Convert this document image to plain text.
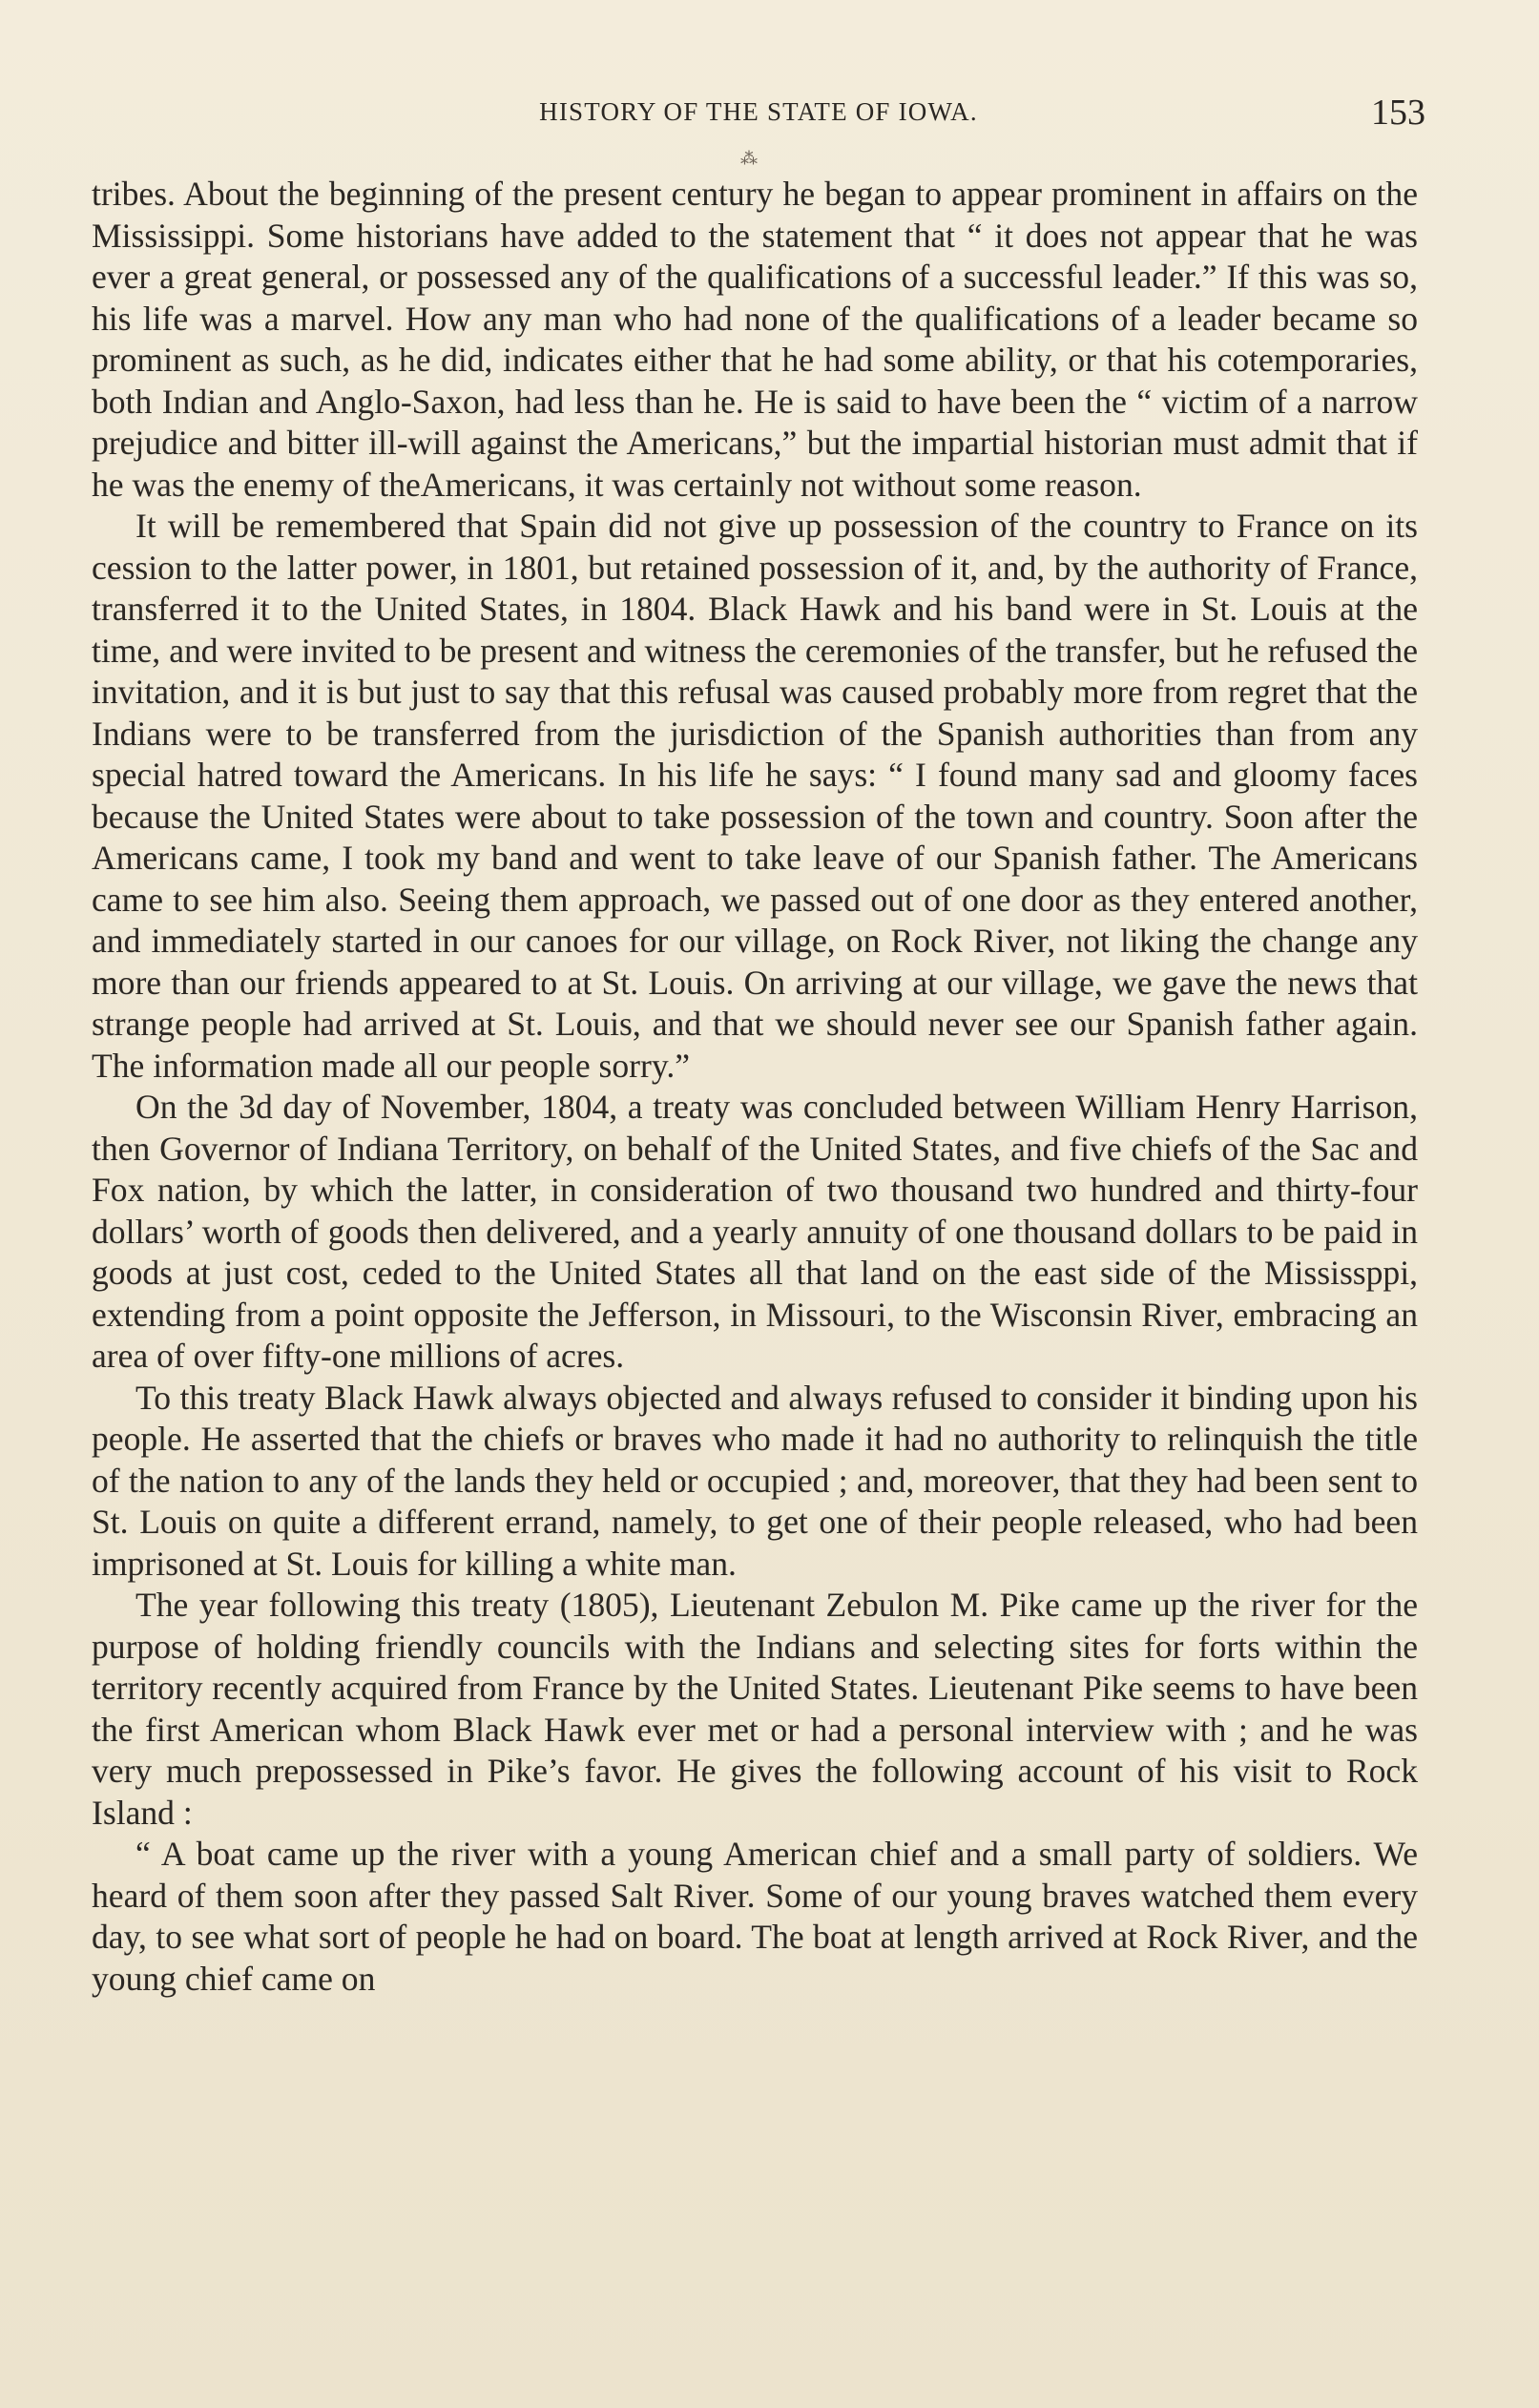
HISTORY OF THE STATE OF IOWA.	153
⁂

tribes. About the beginning of the present century he began to appear prominent in affairs on the Mississippi. Some historians have added to the statement that “ it does not appear that he was ever a great general, or possessed any of the qualifications of a successful leader.” If this was so, his life was a marvel. How any man who had none of the qualifications of a leader became so prominent as such, as he did, indicates either that he had some ability, or that his cotemporaries, both Indian and Anglo-Saxon, had less than he. He is said to have been the “ victim of a narrow prejudice and bitter ill-will against the Americans,” but the impartial historian must admit that if he was the enemy of theAmericans, it was certainly not without some reason.

It will be remembered that Spain did not give up possession of the country to France on its cession to the latter power, in 1801, but retained possession of it, and, by the authority of France, transferred it to the United States, in 1804. Black Hawk and his band were in St. Louis at the time, and were invited to be present and witness the ceremonies of the transfer, but he refused the invitation, and it is but just to say that this refusal was caused probably more from regret that the Indians were to be transferred from the jurisdiction of the Spanish authorities than from any special hatred toward the Americans. In his life he says: “ I found many sad and gloomy faces because the United States were about to take possession of the town and country. Soon after the Americans came, I took my band and went to take leave of our Spanish father. The Americans came to see him also. Seeing them approach, we passed out of one door as they entered another, and immediately started in our canoes for our village, on Rock River, not liking the change any more than our friends appeared to at St. Louis. On arriving at our village, we gave the news that strange people had arrived at St. Louis, and that we should never see our Spanish father again. The information made all our people sorry.”

On the 3d day of November, 1804, a treaty was concluded between William Henry Harrison, then Governor of Indiana Territory, on behalf of the United States, and five chiefs of the Sac and Fox nation, by which the latter, in consideration of two thousand two hundred and thirty-four dollars’ worth of goods then delivered, and a yearly annuity of one thousand dollars to be paid in goods at just cost, ceded to the United States all that land on the east side of the Mississppi, extending from a point opposite the Jefferson, in Missouri, to the Wisconsin River, embracing an area of over fifty-one millions of acres.

To this treaty Black Hawk always objected and always refused to consider it binding upon his people. He asserted that the chiefs or braves who made it had no authority to relinquish the title of the nation to any of the lands they held or occupied ; and, moreover, that they had been sent to St. Louis on quite a different errand, namely, to get one of their people released, who had been imprisoned at St. Louis for killing a white man.

The year following this treaty (1805), Lieutenant Zebulon M. Pike came up the river for the purpose of holding friendly councils with the Indians and selecting sites for forts within the territory recently acquired from France by the United States. Lieutenant Pike seems to have been the first American whom Black Hawk ever met or had a personal interview with ; and he was very much prepossessed in Pike’s favor. He gives the following account of his visit to Rock Island :

“ A boat came up the river with a young American chief and a small party of soldiers. We heard of them soon after they passed Salt River. Some of our young braves watched them every day, to see what sort of people he had on board. The boat at length arrived at Rock River, and the young chief came on
